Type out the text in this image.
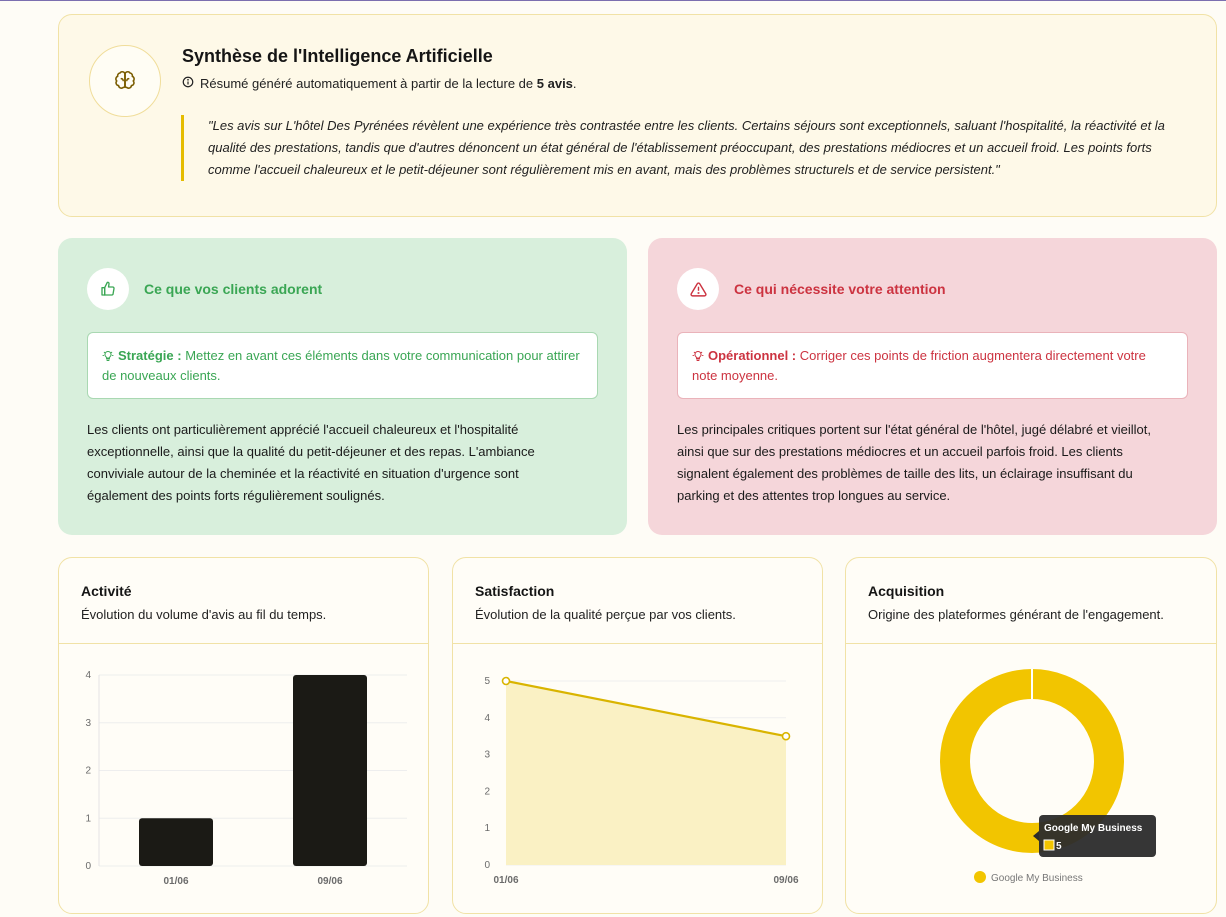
Synthèse de l'Intelligence Artificielle
Résumé généré automatiquement à partir de la lecture de 5 avis.
"Les avis sur L'hôtel Des Pyrénées révèlent une expérience très contrastée entre les clients. Certains séjours sont exceptionnels, saluant l'hospitalité, la réactivité et la qualité des prestations, tandis que d'autres dénoncent un état général de l'établissement préoccupant, des prestations médiocres et un accueil froid. Les points forts comme l'accueil chaleureux et le petit-déjeuner sont régulièrement mis en avant, mais des problèmes structurels et de service persistent."
Ce que vos clients adorent
Stratégie : Mettez en avant ces éléments dans votre communication pour attirer de nouveaux clients.

Les clients ont particulièrement apprécié l'accueil chaleureux et l'hospitalité exceptionnelle, ainsi que la qualité du petit-déjeuner et des repas. L'ambiance conviviale autour de la cheminée et la réactivité en situation d'urgence sont également des points forts régulièrement soulignés.

Ce qui nécessite votre attention
Opérationnel : Corriger ces points de friction augmentera directement votre note moyenne.

Les principales critiques portent sur l'état général de l'hôtel, jugé délabré et vieillot, ainsi que sur des prestations médiocres et un accueil parfois froid. Les clients signalent également des problèmes de taille des lits, un éclairage insuffisant du parking et des attentes trop longues au service.

Activité

Évolution du volume d'avis au fil du temps.

0
1
2
3
4
01/06	09/06
Satisfaction

Évolution de la qualité perçue par vos clients.

0
1
2
3
4
5
01/06	09/06
Acquisition

Origine des plateformes générant de l'engagement.

Google My Business
5
Google My Business
